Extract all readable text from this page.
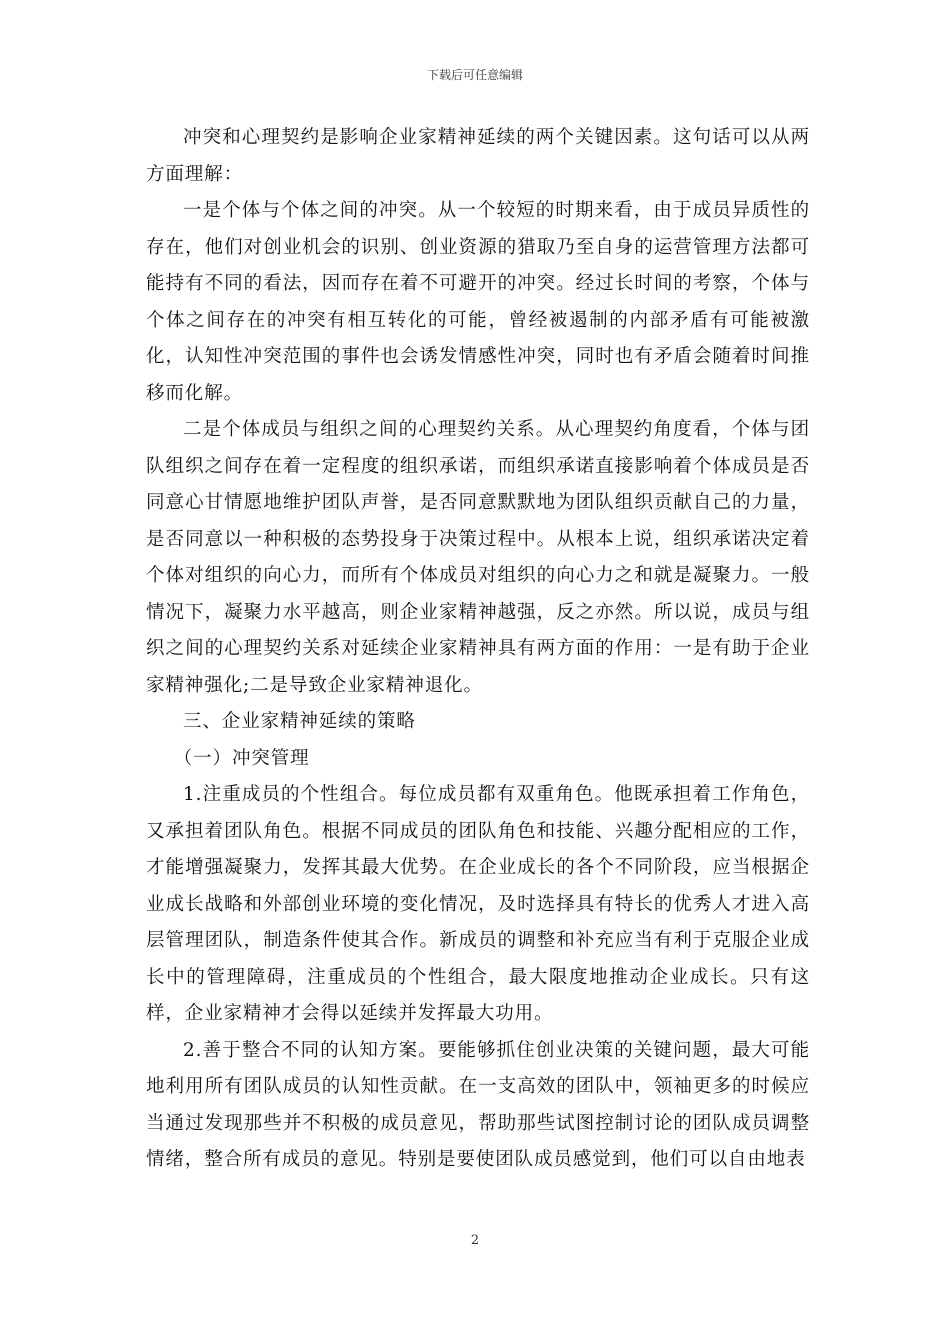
下载后可任意编辑

冲突和心理契约是影响企业家精神延续的两个关键因素。这句话可以从两方面理解：

一是个体与个体之间的冲突。从一个较短的时期来看，由于成员异质性的存在，他们对创业机会的识别、创业资源的猎取乃至自身的运营管理方法都可能持有不同的看法，因而存在着不可避开的冲突。经过长时间的考察，个体与个体之间存在的冲突有相互转化的可能，曾经被遏制的内部矛盾有可能被激化，认知性冲突范围的事件也会诱发情感性冲突，同时也有矛盾会随着时间推移而化解。

二是个体成员与组织之间的心理契约关系。从心理契约角度看，个体与团队组织之间存在着一定程度的组织承诺，而组织承诺直接影响着个体成员是否同意心甘情愿地维护团队声誉，是否同意默默地为团队组织贡献自己的力量，是否同意以一种积极的态势投身于决策过程中。从根本上说，组织承诺决定着个体对组织的向心力，而所有个体成员对组织的向心力之和就是凝聚力。一般情况下，凝聚力水平越高，则企业家精神越强，反之亦然。所以说，成员与组织之间的心理契约关系对延续企业家精神具有两方面的作用：一是有助于企业家精神强化;二是导致企业家精神退化。

三、企业家精神延续的策略

（一）冲突管理

1.注重成员的个性组合。每位成员都有双重角色。他既承担着工作角色，又承担着团队角色。根据不同成员的团队角色和技能、兴趣分配相应的工作，才能增强凝聚力，发挥其最大优势。在企业成长的各个不同阶段，应当根据企业成长战略和外部创业环境的变化情况，及时选择具有特长的优秀人才进入高层管理团队，制造条件使其合作。新成员的调整和补充应当有利于克服企业成长中的管理障碍，注重成员的个性组合，最大限度地推动企业成长。只有这样，企业家精神才会得以延续并发挥最大功用。

2.善于整合不同的认知方案。要能够抓住创业决策的关键问题，最大可能地利用所有团队成员的认知性贡献。在一支高效的团队中，领袖更多的时候应当通过发现那些并不积极的成员意见，帮助那些试图控制讨论的团队成员调整情绪，整合所有成员的意见。特别是要使团队成员感觉到，他们可以自由地表

2
